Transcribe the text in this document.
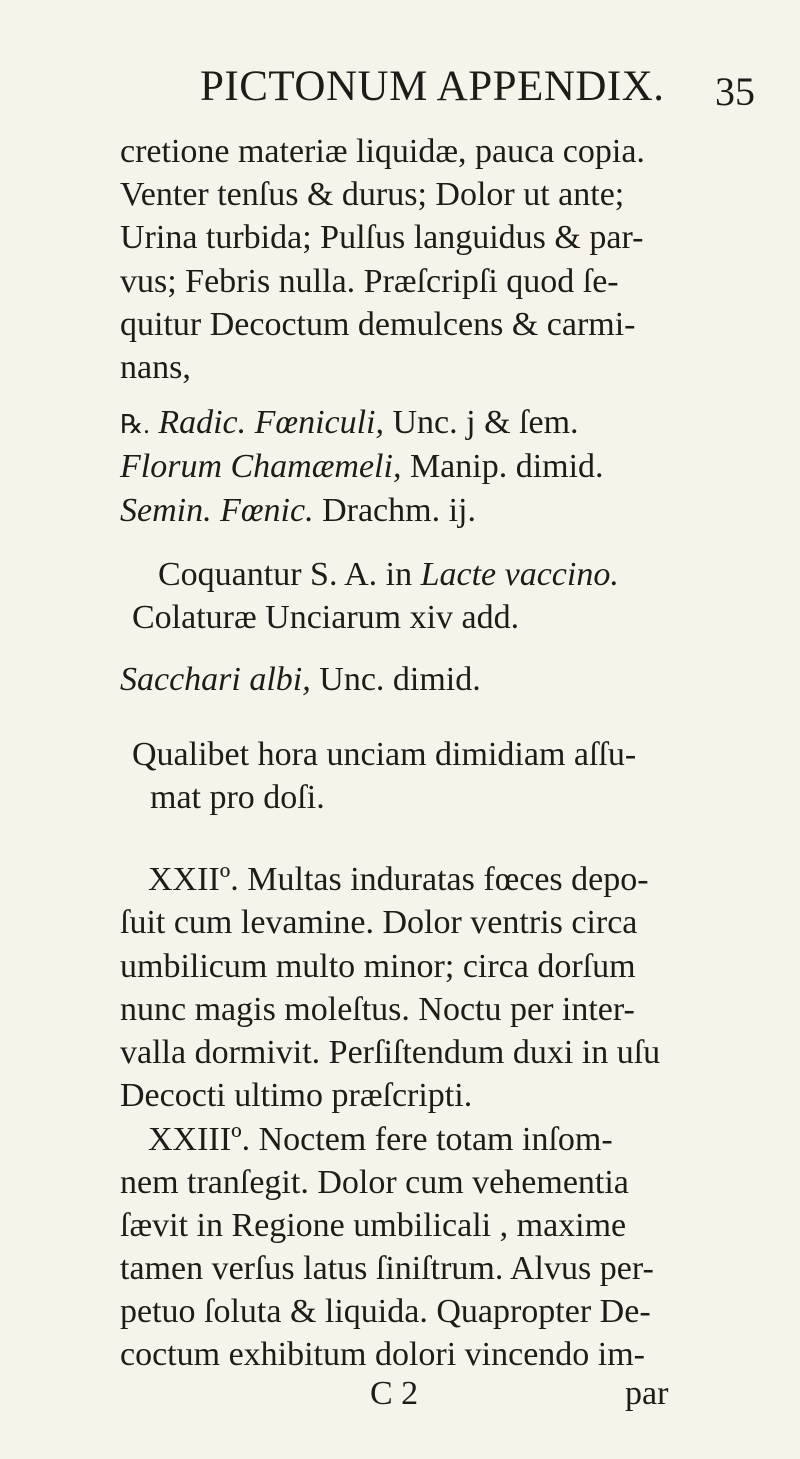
PICTONUM APPENDIX. 35
cretione materiæ liquidæ, pauca copia.
Venter tenſus & durus; Dolor ut ante;
Urina turbida; Pulſus languidus & par-
vus; Febris nulla. Præſcripſi quod ſe-
quitur Decoctum demulcens & carmi-
nans,
℞. Radic. Fœniculi, Unc. j & ſem.
Florum Chamæmeli, Manip. dimid.
Semin. Fœnic. Drachm. ij.
Coquantur S. A. in Lacte vaccino.
Colaturæ Unciarum xiv add.
Sacchari albi, Unc. dimid.
Qualibet hora unciam dimidiam aſſu-
mat pro doſi.
XXIIº. Multas induratas fœces depo-
ſuit cum levamine. Dolor ventris circa
umbilicum multo minor; circa dorſum
nunc magis moleſtus. Noctu per inter-
valla dormivit. Perſiſtendum duxi in uſu
Decocti ultimo præſcripti.
XXIIIº. Noctem fere totam inſom-
nem tranſegit. Dolor cum vehementia
ſævit in Regione umbilicali , maxime
tamen verſus latus ſiniſtrum. Alvus per-
petuo ſoluta & liquida. Quapropter De-
coctum exhibitum dolori vincendo im-
C 2	par
